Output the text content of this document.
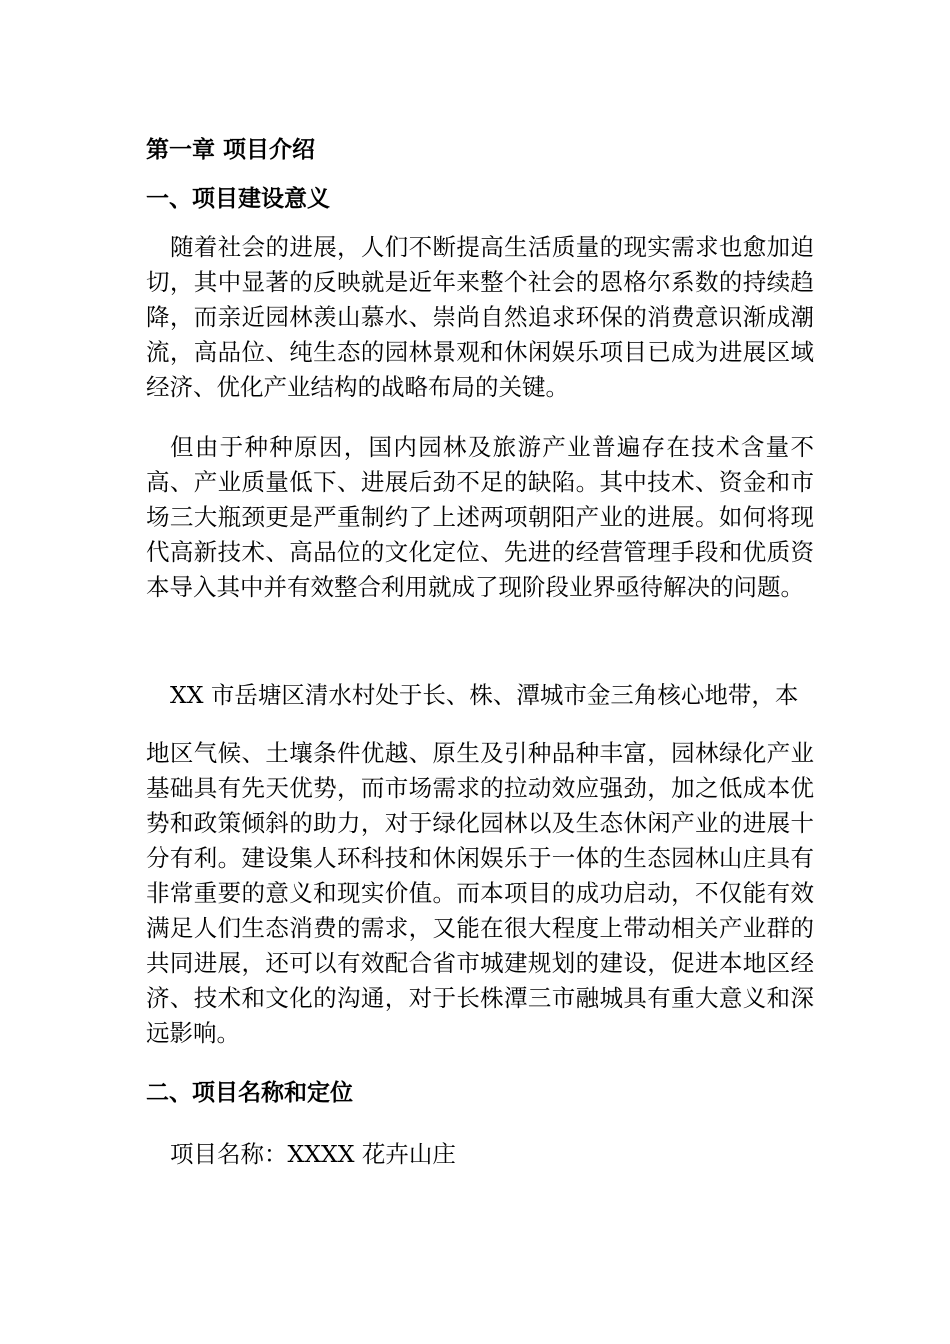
第一章 项目介绍
一、项目建设意义

随着社会的进展，人们不断提高生活质量的现实需求也愈加迫切，其中显著的反映就是近年来整个社会的恩格尔系数的持续趋降，而亲近园林羡山慕水、崇尚自然追求环保的消费意识渐成潮流，高品位、纯生态的园林景观和休闲娱乐项目已成为进展区域经济、优化产业结构的战略布局的关键。

但由于种种原因，国内园林及旅游产业普遍存在技术含量不高、产业质量低下、进展后劲不足的缺陷。其中技术、资金和市场三大瓶颈更是严重制约了上述两项朝阳产业的进展。如何将现代高新技术、高品位的文化定位、先进的经营管理手段和优质资本导入其中并有效整合利用就成了现阶段业界亟待解决的问题。

XX 市岳塘区清水村处于长、株、潭城市金三角核心地带，本

地区气候、土壤条件优越、原生及引种品种丰富，园林绿化产业基础具有先天优势，而市场需求的拉动效应强劲，加之低成本优势和政策倾斜的助力，对于绿化园林以及生态休闲产业的进展十分有利。建设集人环科技和休闲娱乐于一体的生态园林山庄具有非常重要的意义和现实价值。而本项目的成功启动，不仅能有效满足人们生态消费的需求，又能在很大程度上带动相关产业群的共同进展，还可以有效配合省市城建规划的建设，促进本地区经济、技术和文化的沟通，对于长株潭三市融城具有重大意义和深远影响。

二、项目名称和定位

项目名称：XXXX 花卉山庄
